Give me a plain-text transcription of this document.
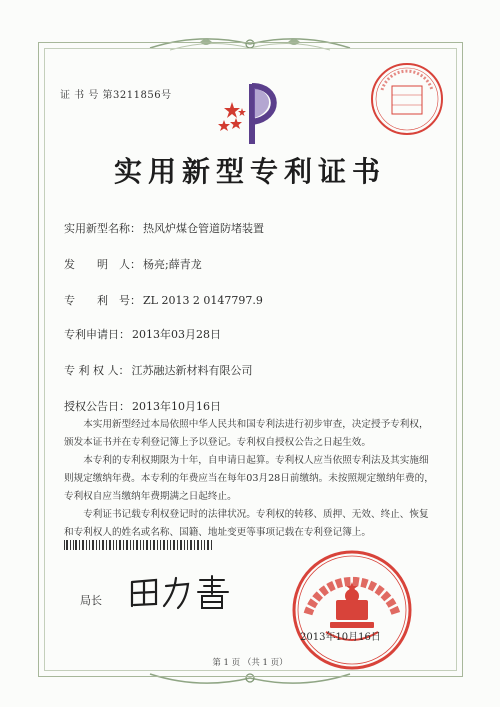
证 书 号 第3211856号
实用新型专利证书
实用新型名称： 热风炉煤仓管道防堵装置
发　　明　人： 杨亮;薛青龙
专　　利　号： ZL 2013 2 0147797.9
专利申请日： 2013年03月28日
专 利 权 人： 江苏融达新材料有限公司
授权公告日： 2013年10月16日
本实用新型经过本局依照中华人民共和国专利法进行初步审查，决定授予专利权，颁发本证书并在专利登记簿上予以登记。专利权自授权公告之日起生效。
本专利的专利权期限为十年，自申请日起算。专利权人应当依照专利法及其实施细则规定缴纳年费。本专利的年费应当在每年03月28日前缴纳。未按照规定缴纳年费的，专利权自应当缴纳年费期满之日起终止。
专利证书记载专利权登记时的法律状况。专利权的转移、质押、无效、终止、恢复和专利权人的姓名或名称、国籍、地址变更等事项记载在专利登记簿上。
局长
2013年10月16日
第 1 页 （共 1 页）
